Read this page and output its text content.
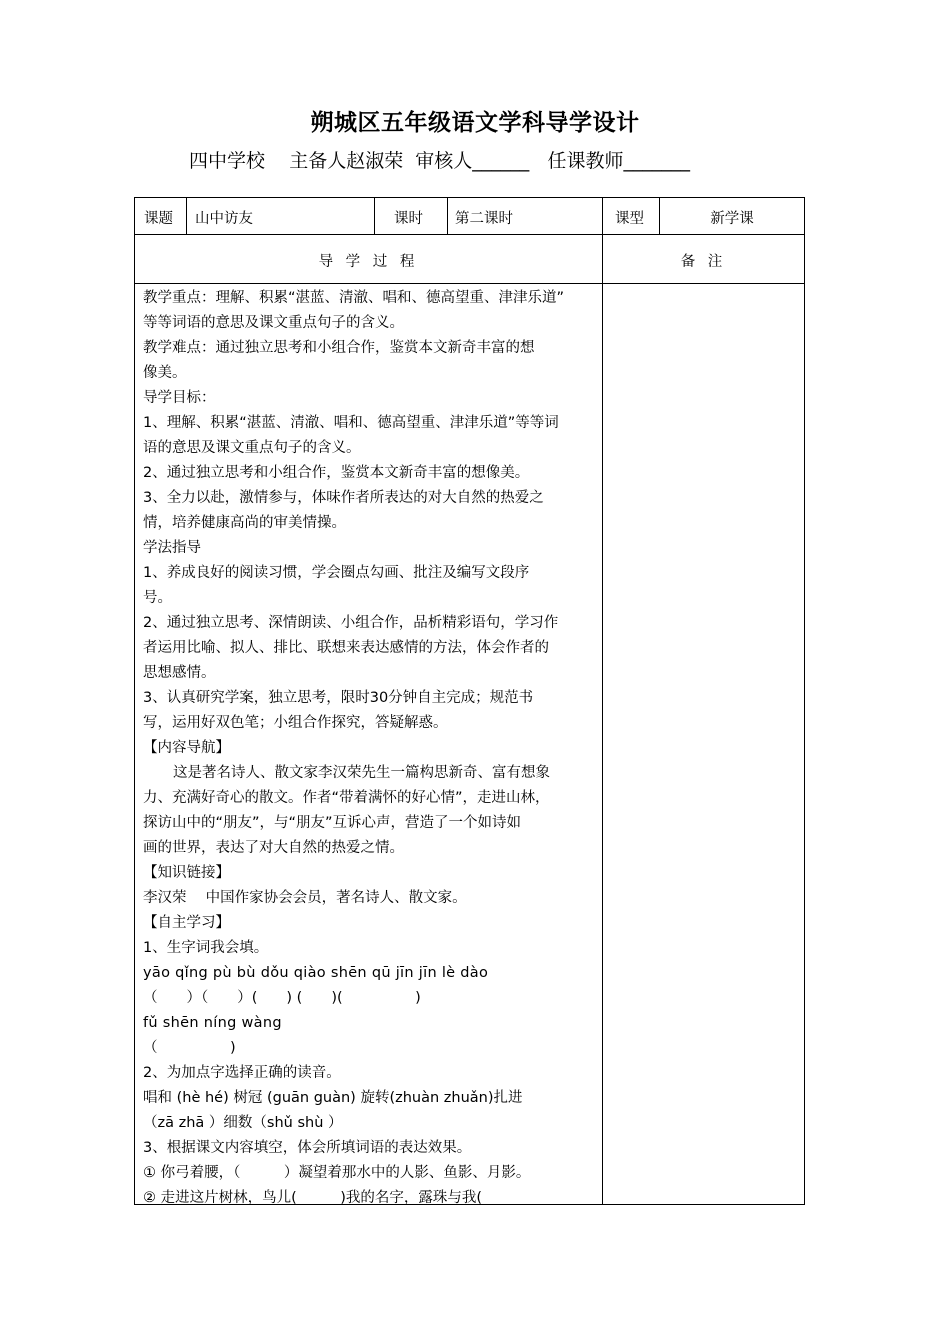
朔城区五年级语文学科导学设计
四中学校 主备人赵淑荣 审核人______ 任课教师_______
课题 山中访友	课时 第二课时	课型	新学课
导 学 过 程	备 注
教学重点：理解、积累“湛蓝、清澈、唱和、德高望重、津津乐道”
等等词语的意思及课文重点句子的含义。
教学难点：通过独立思考和小组合作，鉴赏本文新奇丰富的想
像美。
导学目标：
1、理解、积累“湛蓝、清澈、唱和、德高望重、津津乐道”等等词
语的意思及课文重点句子的含义。
2、通过独立思考和小组合作，鉴赏本文新奇丰富的想像美。
3、全力以赴，激情参与，体味作者所表达的对大自然的热爱之
情，培养健康高尚的审美情操。
学法指导
1、养成良好的阅读习惯，学会圈点勾画、批注及编写文段序
号。
2、通过独立思考、深情朗读、小组合作，品析精彩语句，学习作
者运用比喻、拟人、排比、联想来表达感情的方法，体会作者的
思想感情。
3、认真研究学案，独立思考，限时30分钟自主完成；规范书
写，运用好双色笔；小组合作探究，答疑解惑。
【内容导航】
这是著名诗人、散文家李汉荣先生一篇构思新奇、富有想象
力、充满好奇心的散文。作者“带着满怀的好心情”，走进山林，
探访山中的“朋友”，与“朋友”互诉心声，营造了一个如诗如
画的世界，表达了对大自然的热爱之情。
【知识链接】
李汉荣　 中国作家协会会员，著名诗人、散文家。
【自主学习】
1、生字词我会填。
yāo qǐng pù bù dǒu qiào shēn qū jīn jīn lè dào
（　　）（　　）(　　) (　　)(　　　　　)
fǔ shēn níng wàng
（　　　　　)
2、为加点字选择正确的读音。
唱和 (hè hé) 树冠 (guān guàn) 旋转(zhuàn zhuǎn)扎进
（zā zhā ）细数（shǔ shù ）
3、根据课文内容填空，体会所填词语的表达效果。
① 你弓着腰，（　　　）凝望着那水中的人影、鱼影、月影。
② 走进这片树林，鸟儿(　　　)我的名字，露珠与我(
